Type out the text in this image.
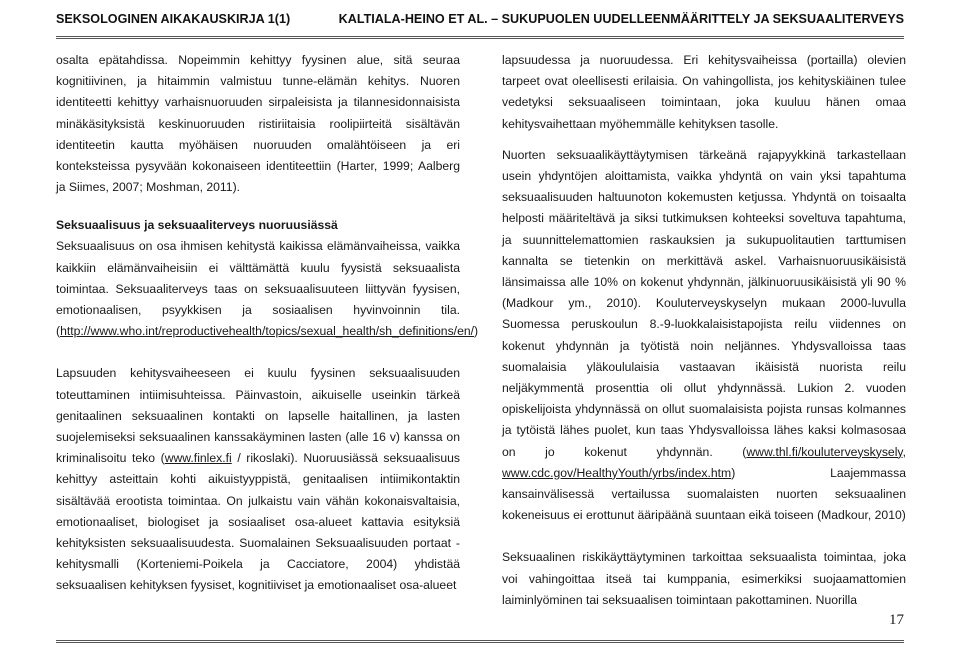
SEKSOLOGINEN AIKAKAUSKIRJA 1(1)	KALTIALA-HEINO ET AL. – SUKUPUOLEN UUDELLEENMÄÄRITTELY JA SEKSUAALITERVEYS

osalta epätahdissa. Nopeimmin kehittyy fyysinen alue, sitä seuraa kognitiivinen, ja hitaimmin valmistuu tunne-elämän kehitys. Nuoren identiteetti kehittyy varhaisnuoruuden sirpaleisista ja tilannesidonnaisista minäkäsityksistä keskinuoruuden ristiriitaisia roolipiirteitä sisältävän identiteetin kautta myöhäisen nuoruuden omalähtöiseen ja eri konteksteissa pysyvään kokonaiseen identiteettiin (Harter, 1999; Aalberg ja Siimes, 2007; Moshman, 2011).

Seksuaalisuus ja seksuaaliterveys nuoruusiässä

Seksuaalisuus on osa ihmisen kehitystä kaikissa elämänvaiheissa, vaikka kaikkiin elämänvaiheisiin ei välttämättä kuulu fyysistä seksuaalista toimintaa. Seksuaaliterveys taas on seksuaalisuuteen liittyvän fyysisen, emotionaalisen, psyykkisen ja sosiaalisen hyvinvoinnin tila. (http://www.who.int/reproductivehealth/topics/sexual_health/sh_definitions/en/)

Lapsuuden kehitysvaiheeseen ei kuulu fyysinen seksuaalisuuden toteuttaminen intiimisuhteissa. Päinvastoin, aikuiselle useinkin tärkeä genitaalinen seksuaalinen kontakti on lapselle haitallinen, ja lasten suojelemiseksi seksuaalinen kanssakäyminen lasten (alle 16 v) kanssa on kriminalisoitu teko (www.finlex.fi / rikoslaki). Nuoruusiässä seksuaalisuus kehittyy asteittain kohti aikuistyyppistä, genitaalisen intiimikontaktin sisältävää erootista toimintaa. On julkaistu vain vähän kokonaisvaltaisia, emotionaaliset, biologiset ja sosiaaliset osa-alueet kattavia esityksiä kehityksisten seksuaalisuudesta. Suomalainen Seksuaalisuuden portaat -kehitysmalli (Korteniemi-Poikela ja Cacciatore, 2004) yhdistää seksuaalisen kehityksen fyysiset, kognitiiviset ja emotionaaliset osa-alueet

lapsuudessa ja nuoruudessa. Eri kehitysvaiheissa (portailla) olevien tarpeet ovat oleellisesti erilaisia. On vahingollista, jos kehityskiäinen tulee vedetyksi seksuaaliseen toimintaan, joka kuuluu hänen omaa kehitysvaihettaan myöhemmälle kehityksen tasolle.

Nuorten seksuaalikäyttäytymisen tärkeänä rajapyykkinä tarkastellaan usein yhdyntöjen aloittamista, vaikka yhdyntä on vain yksi tapahtuma seksuaalisuuden haltuunoton kokemusten ketjussa. Yhdyntä on toisaalta helposti määriteltävä ja siksi tutkimuksen kohteeksi soveltuva tapahtuma, ja suunnittelemattomien raskauksien ja sukupuolitautien tarttumisen kannalta se tietenkin on merkittävä askel. Varhaisnuoruusikäisistä länsimaissa alle 10% on kokenut yhdynnän, jälkinuoruusikäisistä yli 90 % (Madkour ym., 2010). Kouluterveyskyselyn mukaan 2000-luvulla Suomessa peruskoulun 8.-9-luokkalaisistapojista reilu viidennes on kokenut yhdynnän ja työtistä noin neljännes. Yhdysvalloissa taas suomalaisia yläkoululaisia vastaavan ikäisistä nuorista reilu neljäkymmentä prosenttia oli ollut yhdynnässä. Lukion 2. vuoden opiskelijoista yhdynnässä on ollut suomalaisista pojista runsas kolmannes ja tytöistä lähes puolet, kun taas Yhdysvalloissa lähes kaksi kolmasosaa on jo kokenut yhdynnän. (www.thl.fi/kouluterveyskysely, www.cdc.gov/HealthyYouth/yrbs/index.htm) Laajemmassa kansainvälisessä vertailussa suomalaisten nuorten seksuaalinen kokeneisuus ei erottunut ääripäänä suuntaan eikä toiseen (Madkour, 2010)

Seksuaalinen riskikäyttäytyminen tarkoittaa seksuaalista toimintaa, joka voi vahingoittaa itseä tai kumppania, esimerkiksi suojaamattomien laiminlyöminen tai seksuaalisen toimintaan pakottaminen. Nuorilla

17
